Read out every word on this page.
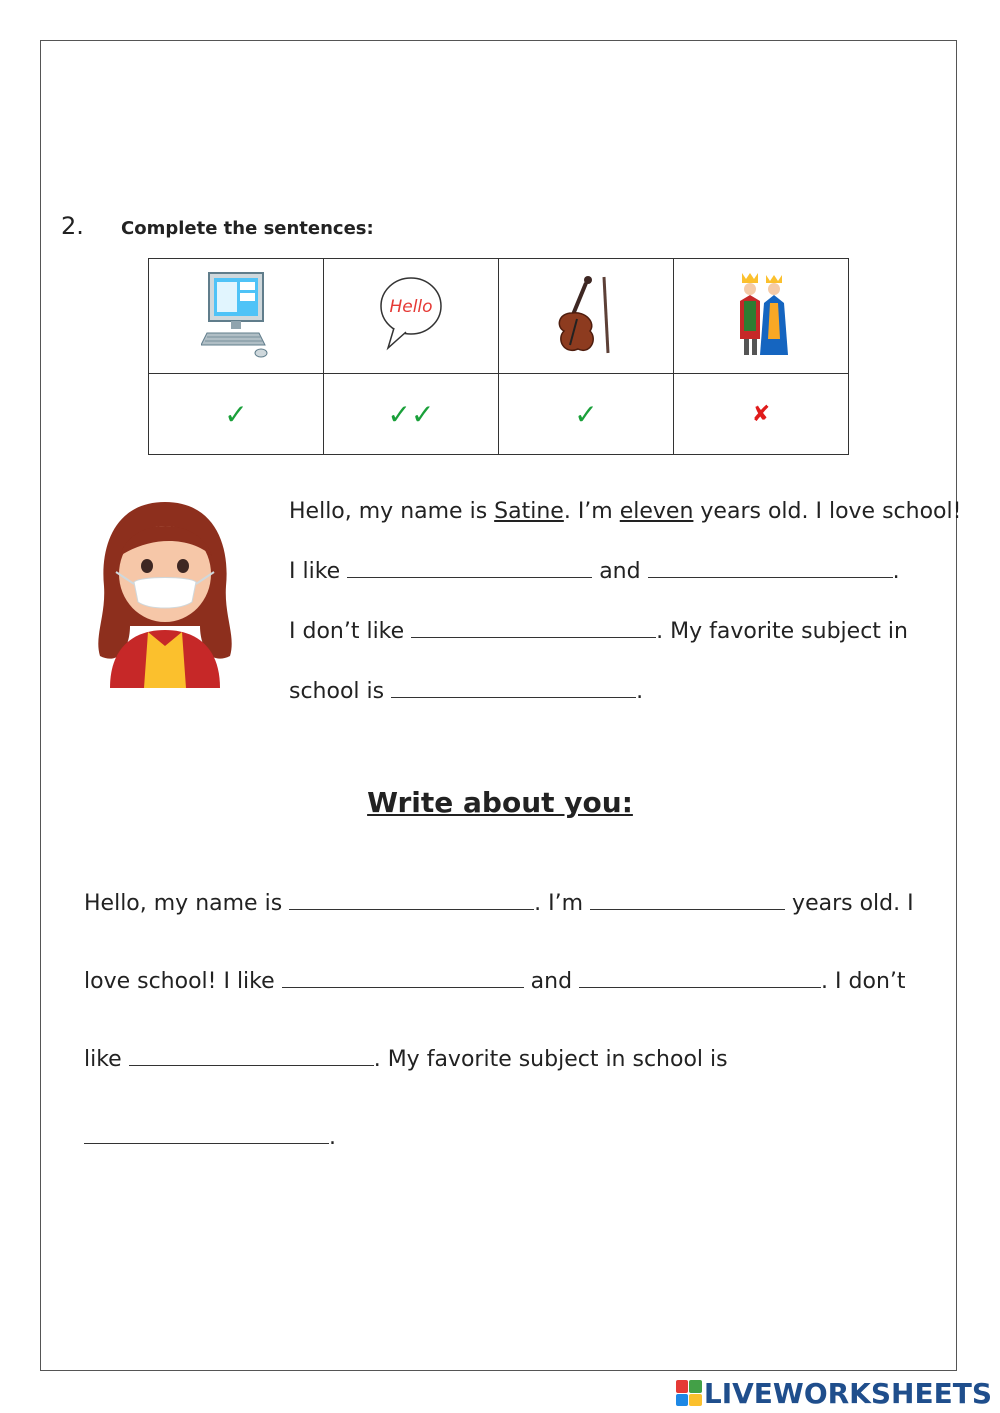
2. Complete the sentences:

Hello

✓	✓✓	✓	✘
Hello, my name is Satine. I’m eleven years old. I love school!
I like	and	.
I don’t like	. My favorite subject in
school is	.
Write about you:
Hello, my name is	. I’m	years old. I
love school! I like	and	. I don’t
like	. My favorite subject in school is
.
LIVEWORKSHEETS
